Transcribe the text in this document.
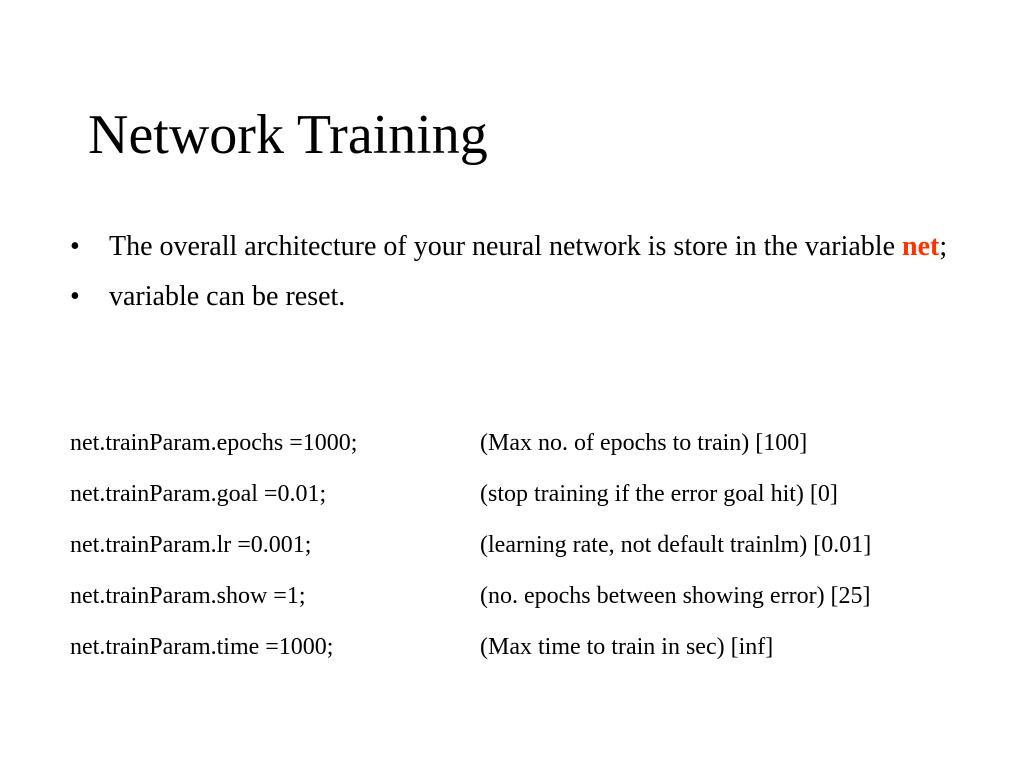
Network Training
• The overall architecture of your neural network is store in the variable net;
• variable can be reset.
net.trainParam.epochs =1000;	(Max no. of epochs to train) [100]
net.trainParam.goal =0.01;	(stop training if the error goal hit) [0]
net.trainParam.lr =0.001;	(learning rate, not default trainlm) [0.01]
net.trainParam.show =1;	(no. epochs between showing error) [25]
net.trainParam.time =1000;	(Max time to train in sec) [inf]
